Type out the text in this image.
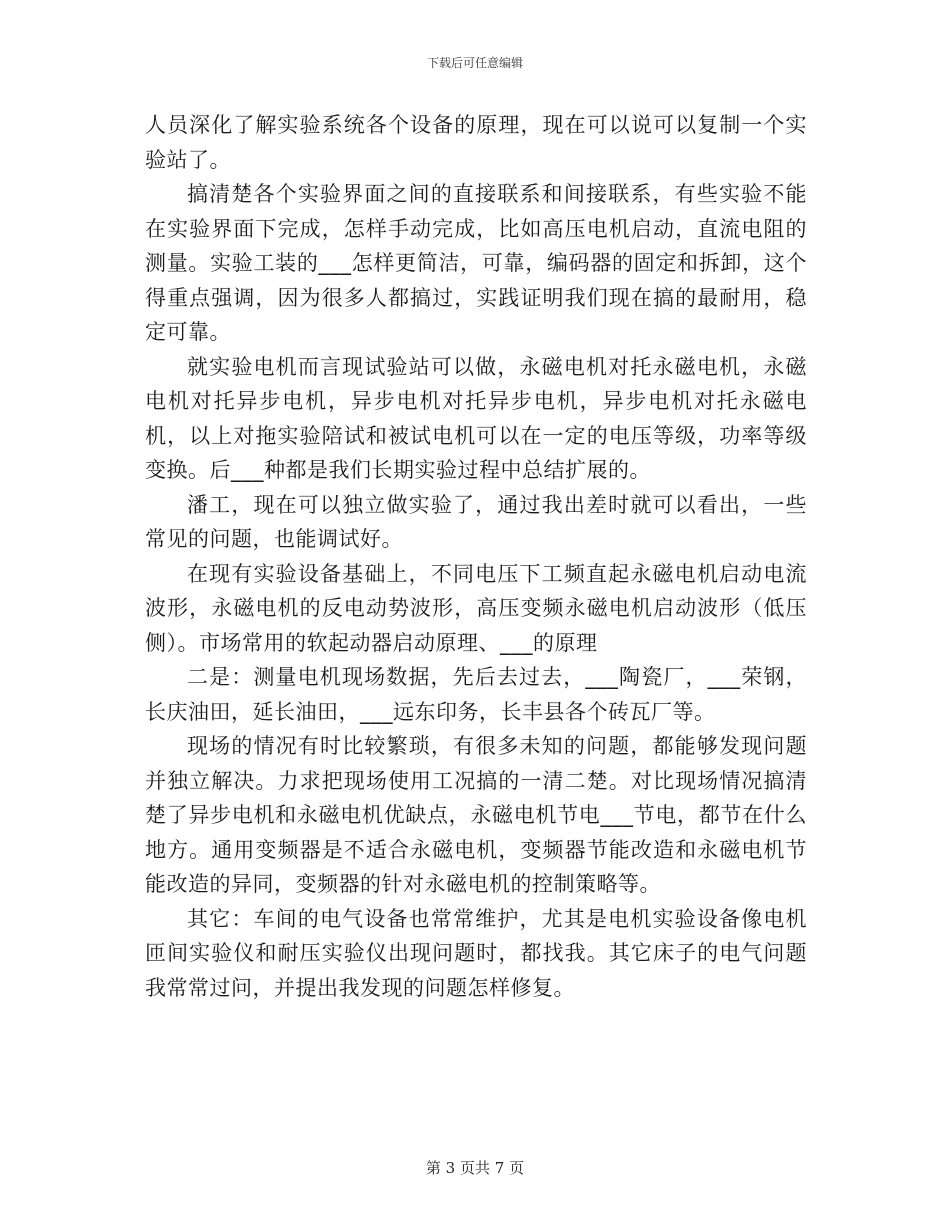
下载后可任意编辑

人员深化了解实验系统各个设备的原理，现在可以说可以复制一个实验站了。

搞清楚各个实验界面之间的直接联系和间接联系，有些实验不能在实验界面下完成，怎样手动完成，比如高压电机启动，直流电阻的测量。实验工装的___怎样更简洁，可靠，编码器的固定和拆卸，这个得重点强调，因为很多人都搞过，实践证明我们现在搞的最耐用，稳定可靠。

就实验电机而言现试验站可以做，永磁电机对托永磁电机，永磁电机对托异步电机，异步电机对托异步电机，异步电机对托永磁电机，以上对拖实验陪试和被试电机可以在一定的电压等级，功率等级变换。后___种都是我们长期实验过程中总结扩展的。

潘工，现在可以独立做实验了，通过我出差时就可以看出，一些常见的问题，也能调试好。

在现有实验设备基础上，不同电压下工频直起永磁电机启动电流波形，永磁电机的反电动势波形，高压变频永磁电机启动波形（低压侧）。市场常用的软起动器启动原理、___的原理

二是：测量电机现场数据，先后去过去，___陶瓷厂，___荣钢，长庆油田，延长油田，___远东印务，长丰县各个砖瓦厂等。

现场的情况有时比较繁琐，有很多未知的问题，都能够发现问题并独立解决。力求把现场使用工况搞的一清二楚。对比现场情况搞清楚了异步电机和永磁电机优缺点，永磁电机节电___节电，都节在什么地方。通用变频器是不适合永磁电机，变频器节能改造和永磁电机节能改造的异同，变频器的针对永磁电机的控制策略等。

其它：车间的电气设备也常常维护，尤其是电机实验设备像电机匝间实验仪和耐压实验仪出现问题时，都找我。其它床子的电气问题我常常过问，并提出我发现的问题怎样修复。

第 3 页共 7 页
